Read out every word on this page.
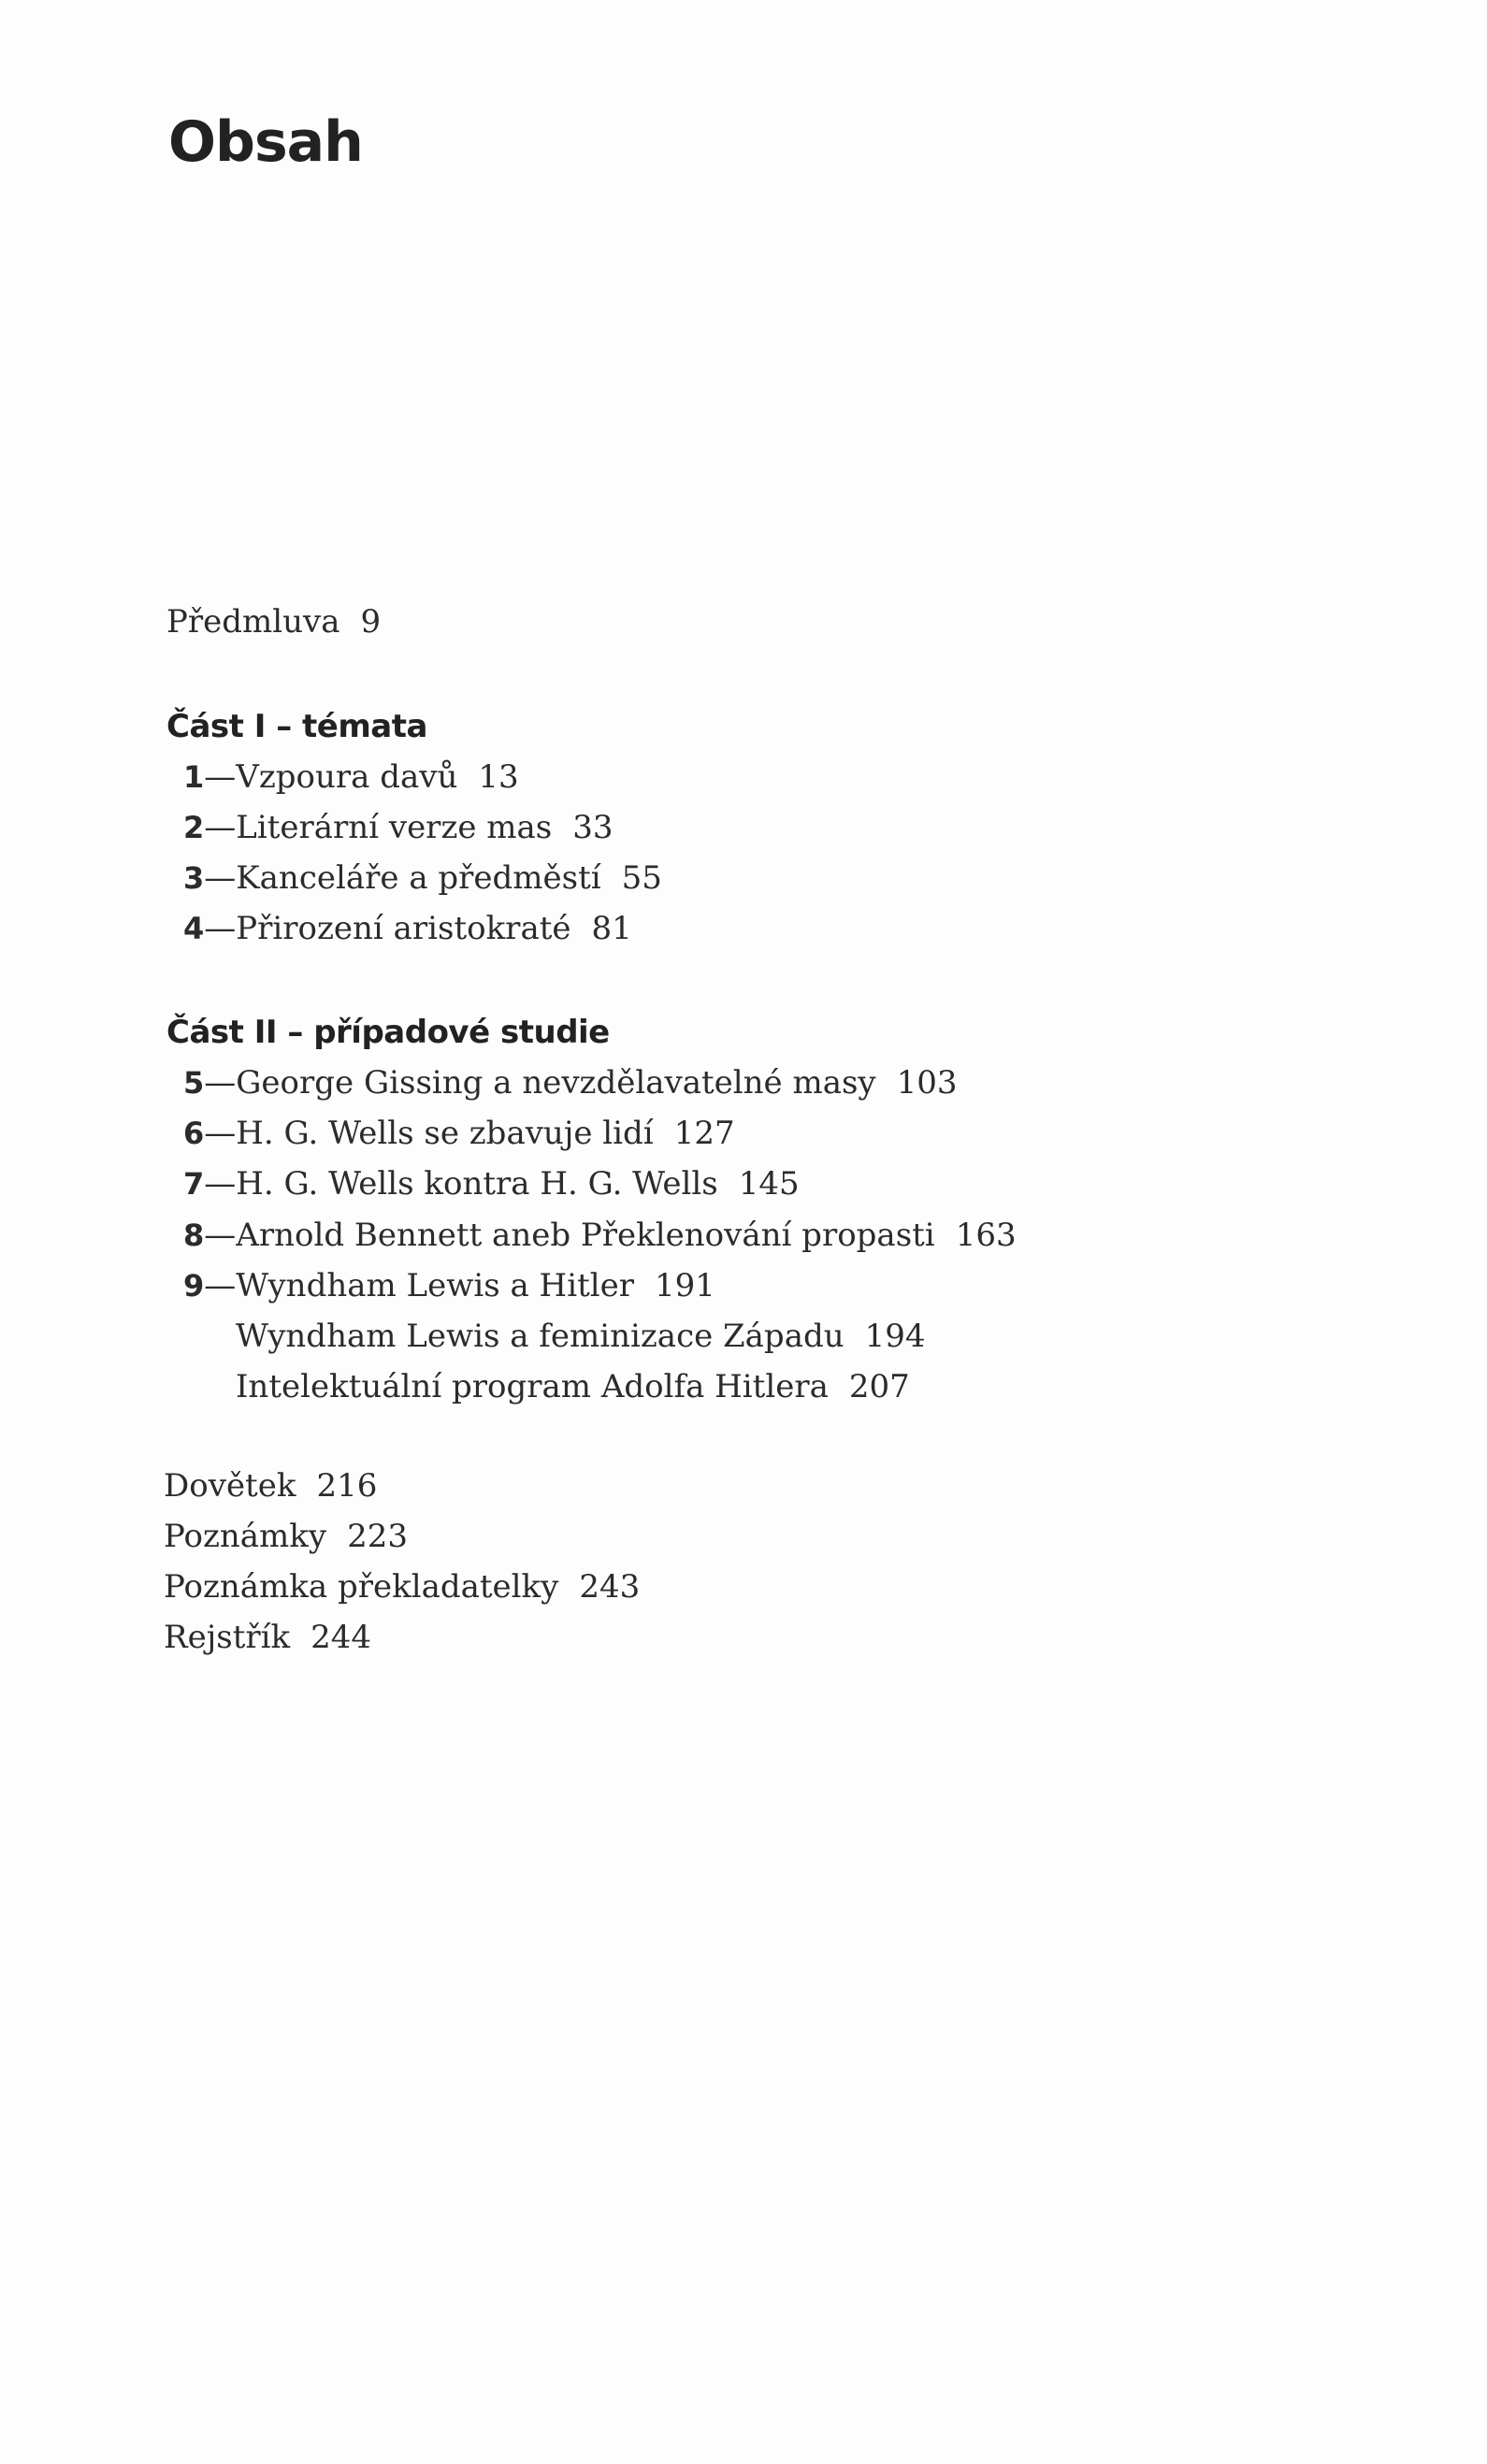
Obsah
Předmluva 9
Část I – témata
1—Vzpoura davů 13
2—Literární verze mas 33
3—Kanceláře a předměstí 55
4—Přirození aristokraté 81
Část II – případové studie
5—George Gissing a nevzdělavatelné masy 103
6—H. G. Wells se zbavuje lidí 127
7—H. G. Wells kontra H. G. Wells 145
8—Arnold Bennett aneb Překlenování propasti 163
9—Wyndham Lewis a Hitler 191
Wyndham Lewis a feminizace Západu 194
Intelektuální program Adolfa Hitlera 207
Dovětek 216
Poznámky 223
Poznámka překladatelky 243
Rejstřík 244
